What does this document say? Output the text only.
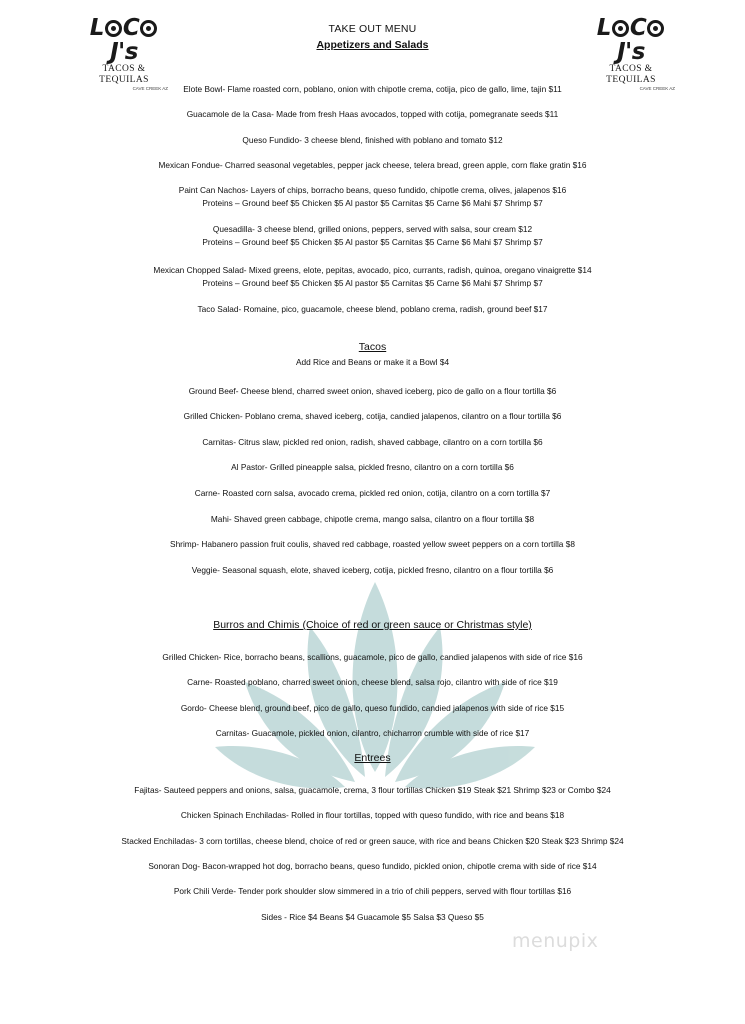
L C J's
TACOS & TEQUILAS
CAVE CREEK AZ
L C J's
TACOS & TEQUILAS
CAVE CREEK AZ
TAKE OUT MENU
Appetizers and Salads
Elote Bowl- Flame roasted corn, poblano, onion with chipotle crema, cotija, pico de gallo, lime, tajin $11
Guacamole de la Casa- Made from fresh Haas avocados, topped with cotija, pomegranate seeds $11
Queso Fundido- 3 cheese blend, finished with poblano and tomato $12
Mexican Fondue- Charred seasonal vegetables, pepper jack cheese, telera bread, green apple, corn flake gratin $16
Paint Can Nachos- Layers of chips, borracho beans, queso fundido, chipotle crema, olives, jalapenos $16
Proteins – Ground beef $5 Chicken $5 Al pastor $5 Carnitas $5 Carne $6 Mahi $7 Shrimp $7
Quesadilla- 3 cheese blend, grilled onions, peppers, served with salsa, sour cream $12
Proteins – Ground beef $5 Chicken $5 Al pastor $5 Carnitas $5 Carne $6 Mahi $7 Shrimp $7
Mexican Chopped Salad- Mixed greens, elote, pepitas, avocado, pico, currants, radish, quinoa, oregano vinaigrette $14
Proteins – Ground beef $5 Chicken $5 Al pastor $5 Carnitas $5 Carne $6 Mahi $7 Shrimp $7
Taco Salad- Romaine, pico, guacamole, cheese blend, poblano crema, radish, ground beef $17
Tacos
Add Rice and Beans or make it a Bowl $4
Ground Beef- Cheese blend, charred sweet onion, shaved iceberg, pico de gallo on a flour tortilla $6
Grilled Chicken- Poblano crema, shaved iceberg, cotija, candied jalapenos, cilantro on a flour tortilla $6
Carnitas- Citrus slaw, pickled red onion, radish, shaved cabbage, cilantro on a corn tortilla $6
Al Pastor- Grilled pineapple salsa, pickled fresno, cilantro on a corn tortilla $6
Carne- Roasted corn salsa, avocado crema, pickled red onion, cotija, cilantro on a corn tortilla $7
Mahi- Shaved green cabbage, chipotle crema, mango salsa, cilantro on a flour tortilla $8
Shrimp- Habanero passion fruit coulis, shaved red cabbage, roasted yellow sweet peppers on a corn tortilla $8
Veggie- Seasonal squash, elote, shaved iceberg, cotija, pickled fresno, cilantro on a flour tortilla $6
Burros and Chimis (Choice of red or green sauce or Christmas style)
Grilled Chicken- Rice, borracho beans, scallions, guacamole, pico de gallo, candied jalapenos with side of rice $16
Carne- Roasted poblano, charred sweet onion, cheese blend, salsa rojo, cilantro with side of rice $19
Gordo- Cheese blend, ground beef, pico de gallo, queso fundido, candied jalapenos with side of rice $15
Carnitas- Guacamole, pickled onion, cilantro, chicharron crumble with side of rice $17
Entrees
Fajitas- Sauteed peppers and onions, salsa, guacamole, crema, 3 flour tortillas Chicken $19 Steak $21 Shrimp $23 or Combo $24
Chicken Spinach Enchiladas- Rolled in flour tortillas, topped with queso fundido, with rice and beans $18
Stacked Enchiladas- 3 corn tortillas, cheese blend, choice of red or green sauce, with rice and beans Chicken $20 Steak $23 Shrimp $24
Sonoran Dog- Bacon-wrapped hot dog, borracho beans, queso fundido, pickled onion, chipotle crema with side of rice $14
Pork Chili Verde- Tender pork shoulder slow simmered in a trio of chili peppers, served with flour tortillas $16
Sides - Rice $4 Beans $4 Guacamole $5 Salsa $3 Queso $5
menupix
